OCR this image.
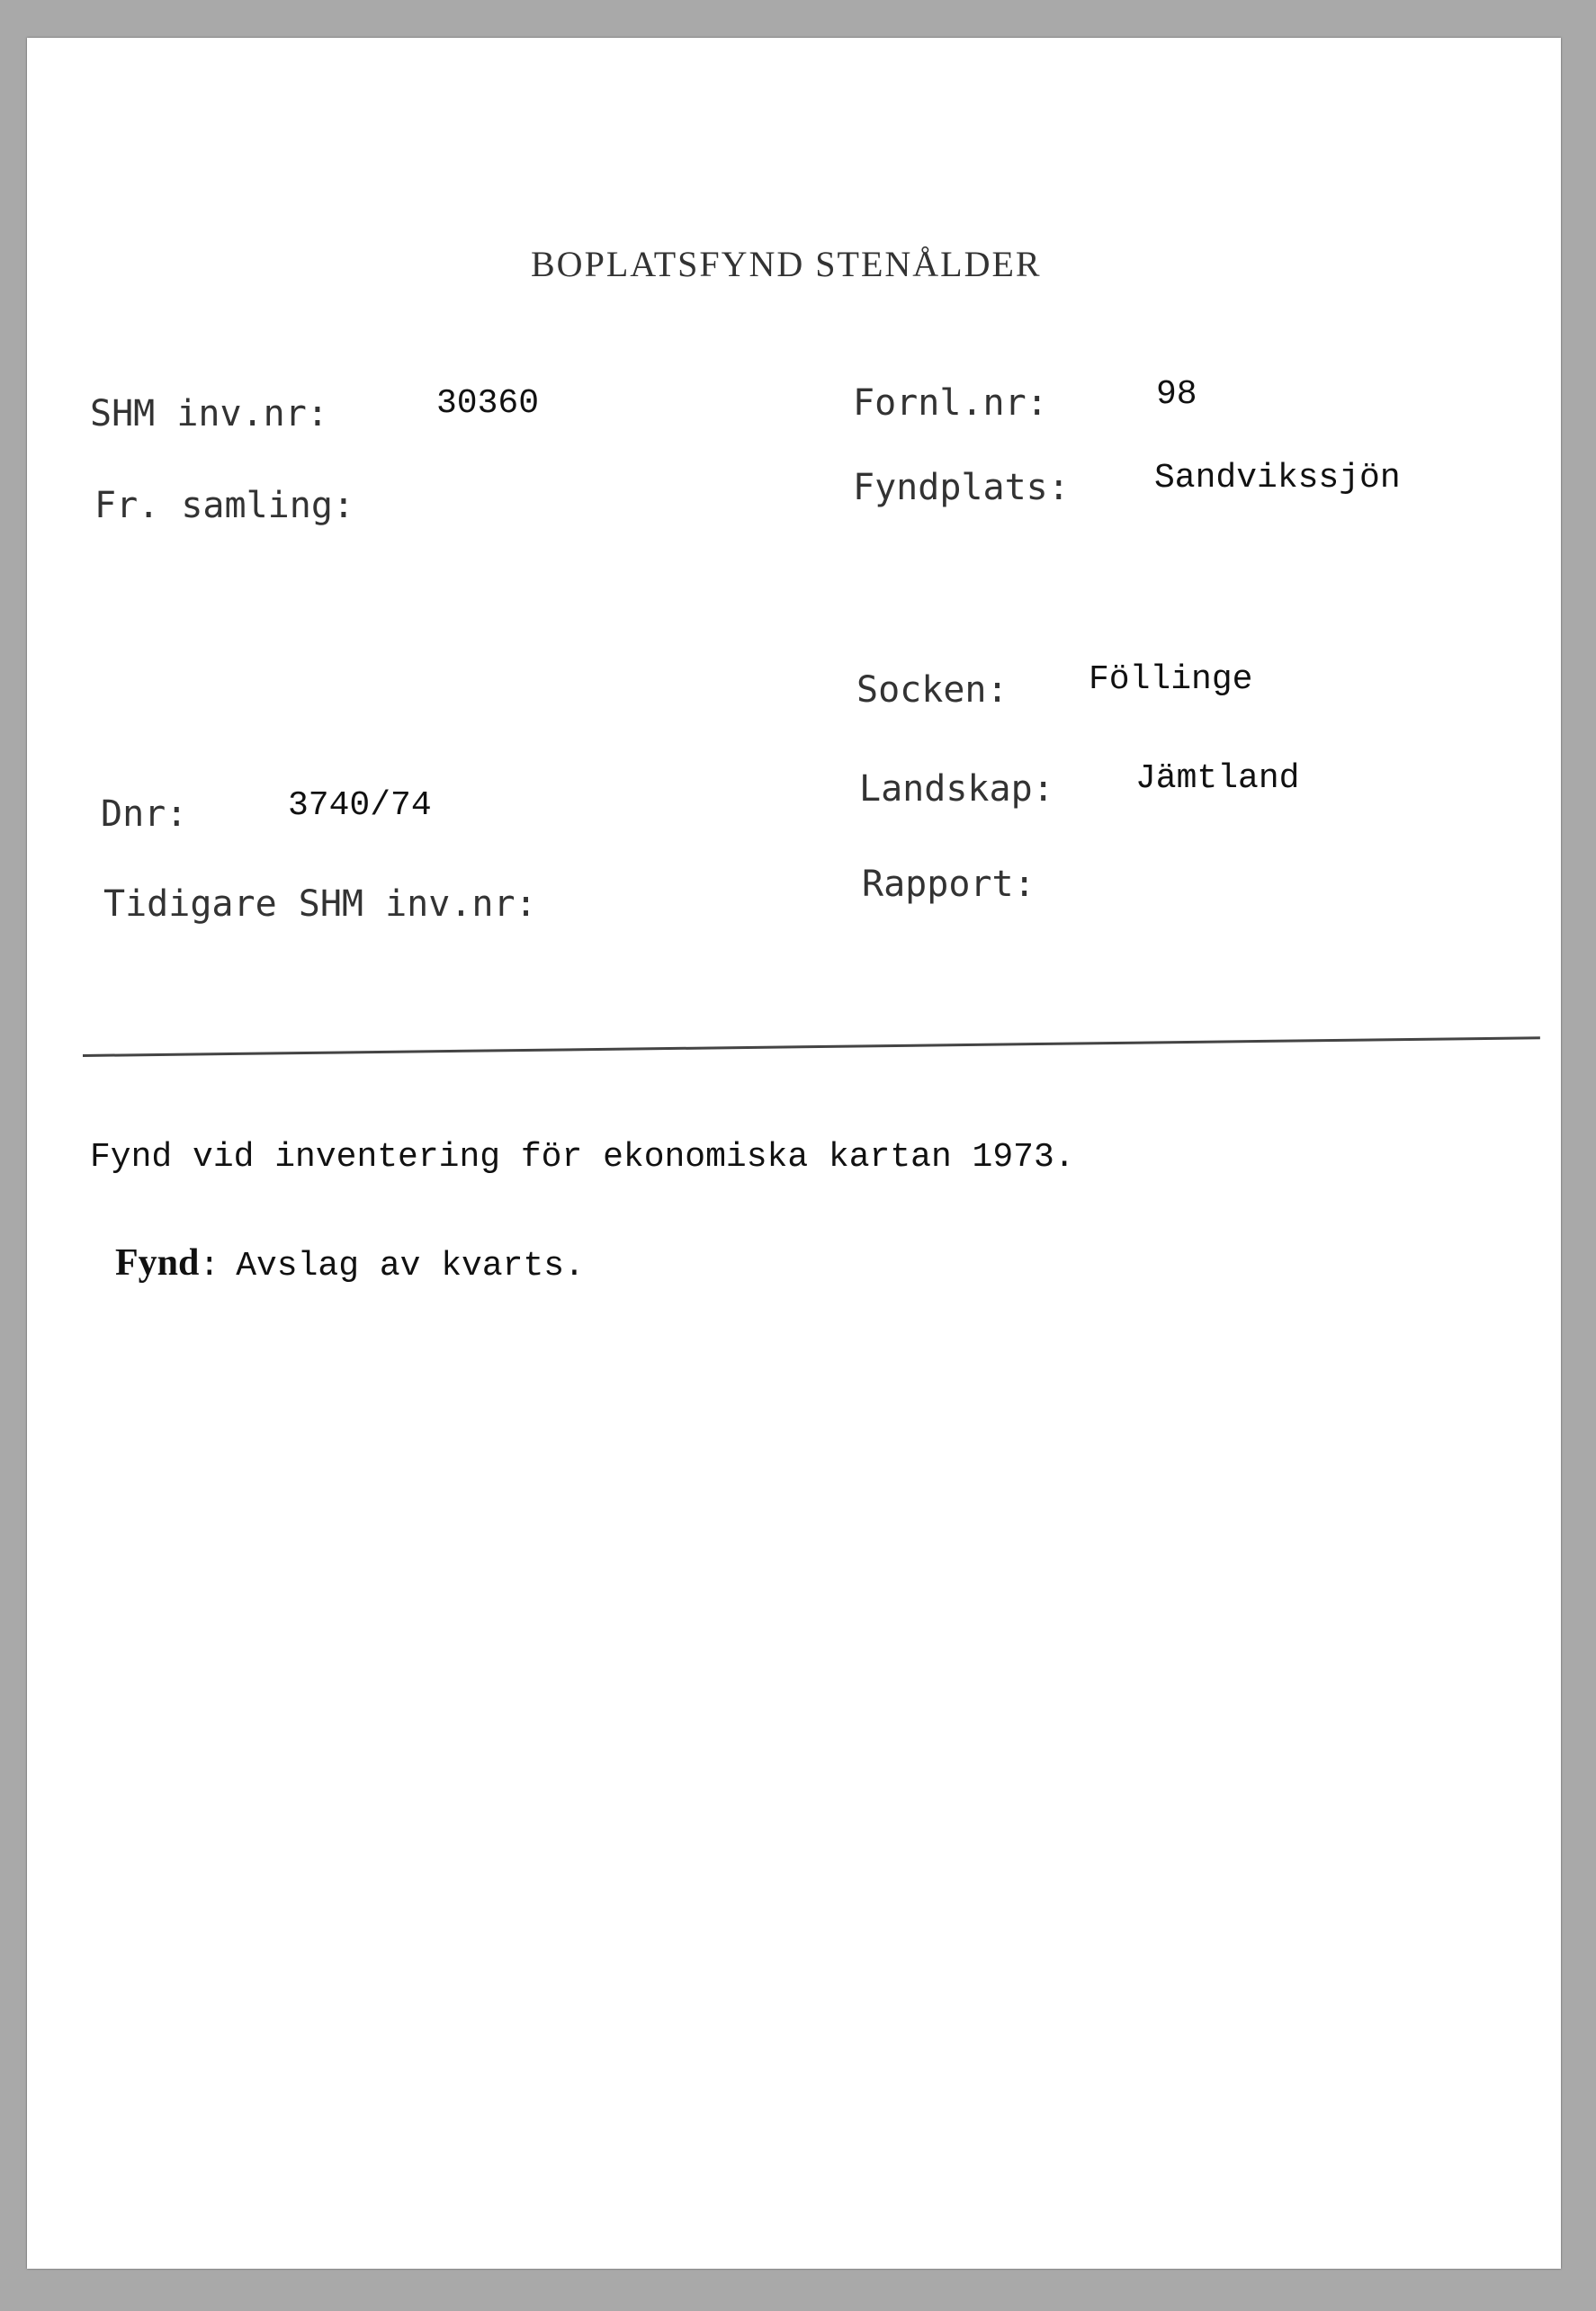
BOPLATSFYND STENÅLDER
SHM inv.nr:	30360
Fr. samling:
Dnr:	3740/74
Tidigare SHM inv.nr:
Fornl.nr:	98
Fyndplats: Sandvikssjön
Socken: Föllinge
Landskap: Jämtland
Rapport:
Fynd vid inventering för ekonomiska kartan 1973.
Fynd: Avslag av kvarts.
